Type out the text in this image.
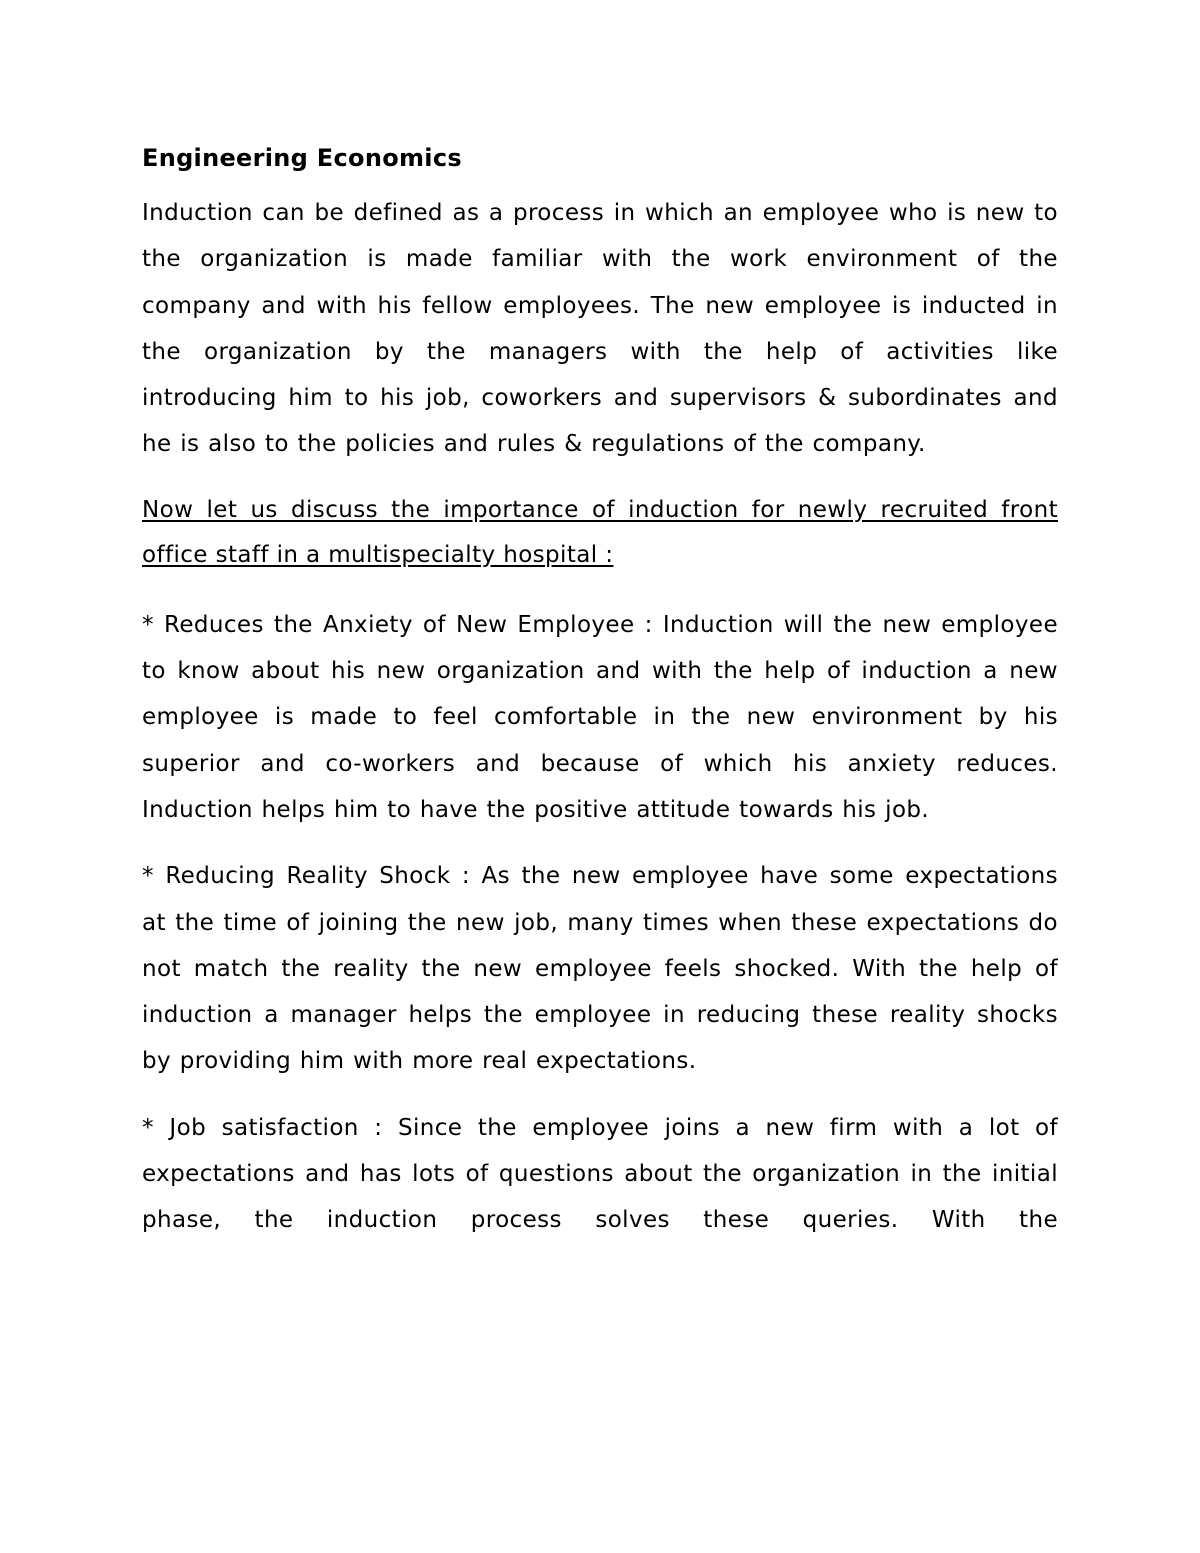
Engineering Economics
Induction can be defined as a process in which an employee who is new to the organization is made familiar with the work environment of the company and with his fellow employees. The new employee is inducted in the organization by the managers with the help of activities like introducing him to his job, coworkers and supervisors & subordinates and he is also to the policies and rules & regulations of the company.
Now let us discuss the importance of induction for newly recruited front office staff in a multispecialty hospital :
* Reduces the Anxiety of New Employee : Induction will the new employee to know about his new organization and with the help of induction a new employee is made to feel comfortable in the new environment by his superior and co-workers and because of which his anxiety reduces. Induction helps him to have the positive attitude towards his job.
* Reducing Reality Shock : As the new employee have some expectations at the time of joining the new job, many times when these expectations do not match the reality the new employee feels shocked. With the help of induction a manager helps the employee in reducing these reality shocks by providing him with more real expectations.
* Job satisfaction : Since the employee joins a new firm with a lot of expectations and has lots of questions about the organization in the initial phase, the induction process solves these queries. With the
